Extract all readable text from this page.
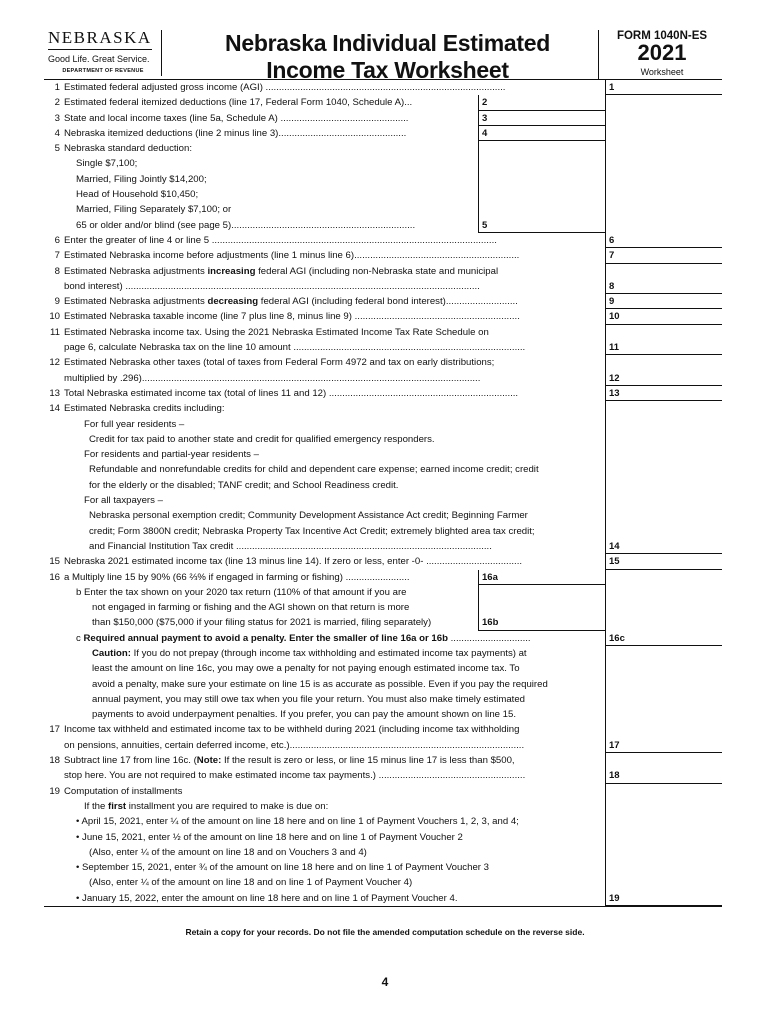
NEBRASKA
Good Life. Great Service.
DEPARTMENT OF REVENUE
Nebraska Individual Estimated
Income Tax Worksheet
FORM 1040N-ES
2021
Worksheet
1 Estimated federal adjusted gross income (AGI) ..........................................................................................	1
2 Estimated federal itemized deductions (line 17, Federal Form 1040, Schedule A)...	2
3 State and local income taxes (line 5a, Schedule A) ................................................	3
4 Nebraska itemized deductions (line 2 minus line 3)................................................	4
5 Nebraska standard deduction:
Single $7,100;
Married, Filing Jointly $14,200;
Head of Household $10,450;
Married, Filing Separately $7,100; or
65 or older and/or blind (see page 5).....................................................................	5
6 Enter the greater of line 4 or line 5 ...........................................................................................................	6
7 Estimated Nebraska income before adjustments (line 1 minus line 6)..............................................................	7
8 Estimated Nebraska adjustments increasing federal AGI (including non-Nebraska state and municipal
bond interest) .....................................................................................................................................	8
9 Estimated Nebraska adjustments decreasing federal AGI (including federal bond interest)...........................	9
10 Estimated Nebraska taxable income (line 7 plus line 8, minus line 9) ..............................................................	10
11 Estimated Nebraska income tax. Using the 2021 Nebraska Estimated Income Tax Rate Schedule on
page 6, calculate Nebraska tax on the line 10 amount .......................................................................................	11
12 Estimated Nebraska other taxes (total of taxes from Federal Form 4972 and tax on early distributions;
multiplied by .296)...............................................................................................................................	12
13 Total Nebraska estimated income tax (total of lines 11 and 12) .......................................................................	13
14 Estimated Nebraska credits including:
For full year residents –
Credit for tax paid to another state and credit for qualified emergency responders.
For residents and partial-year residents –
Refundable and nonrefundable credits for child and dependent care expense; earned income credit; credit
for the elderly or the disabled; TANF credit; and School Readiness credit.
For all taxpayers –
Nebraska personal exemption credit; Community Development Assistance Act credit; Beginning Farmer
credit; Form 3800N credit; Nebraska Property Tax Incentive Act Credit; extremely blighted area tax credit;
and Financial Institution Tax credit ................................................................................................	14
15 Nebraska 2021 estimated income tax (line 13 minus line 14). If zero or less, enter -0- ....................................	15
16 a Multiply line 15 by 90% (66 ⅔% if engaged in farming or fishing) ........................	16a
b Enter the tax shown on your 2020 tax return (110% of that amount if you are
not engaged in farming or fishing and the AGI shown on that return is more
than $150,000 ($75,000 if your filing status for 2021 is married, filing separately)	16b
c Required annual payment to avoid a penalty. Enter the smaller of line 16a or 16b ..............................	16c
Caution: If you do not prepay (through income tax withholding and estimated income tax payments) at
least the amount on line 16c, you may owe a penalty for not paying enough estimated income tax. To
avoid a penalty, make sure your estimate on line 15 is as accurate as possible. Even if you pay the required
annual payment, you may still owe tax when you file your return. You must also make timely estimated
payments to avoid underpayment penalties. If you prefer, you can pay the amount shown on line 15.
17 Income tax withheld and estimated income tax to be withheld during 2021 (including income tax withholding
on pensions, annuities, certain deferred income, etc.)........................................................................................	17
18 Subtract line 17 from line 16c. (Note: If the result is zero or less, or line 15 minus line 17 is less than $500,
stop here. You are not required to make estimated income tax payments.) .......................................................	18
19 Computation of installments
If the first installment you are required to make is due on:
• April 15, 2021, enter ¼ of the amount on line 18 here and on line 1 of Payment Vouchers 1, 2, 3, and 4;
• June 15, 2021, enter ½ of the amount on line 18 here and on line 1 of Payment Voucher 2
(Also, enter ¼ of the amount on line 18 and on Vouchers 3 and 4)
• September 15, 2021, enter ¾ of the amount on line 18 here and on line 1 of Payment Voucher 3
(Also, enter ¼ of the amount on line 18 and on line 1 of Payment Voucher 4)
• January 15, 2022, enter the amount on line 18 here and on line 1 of Payment Voucher 4.	19
Retain a copy for your records. Do not file the amended computation schedule on the reverse side.
4
